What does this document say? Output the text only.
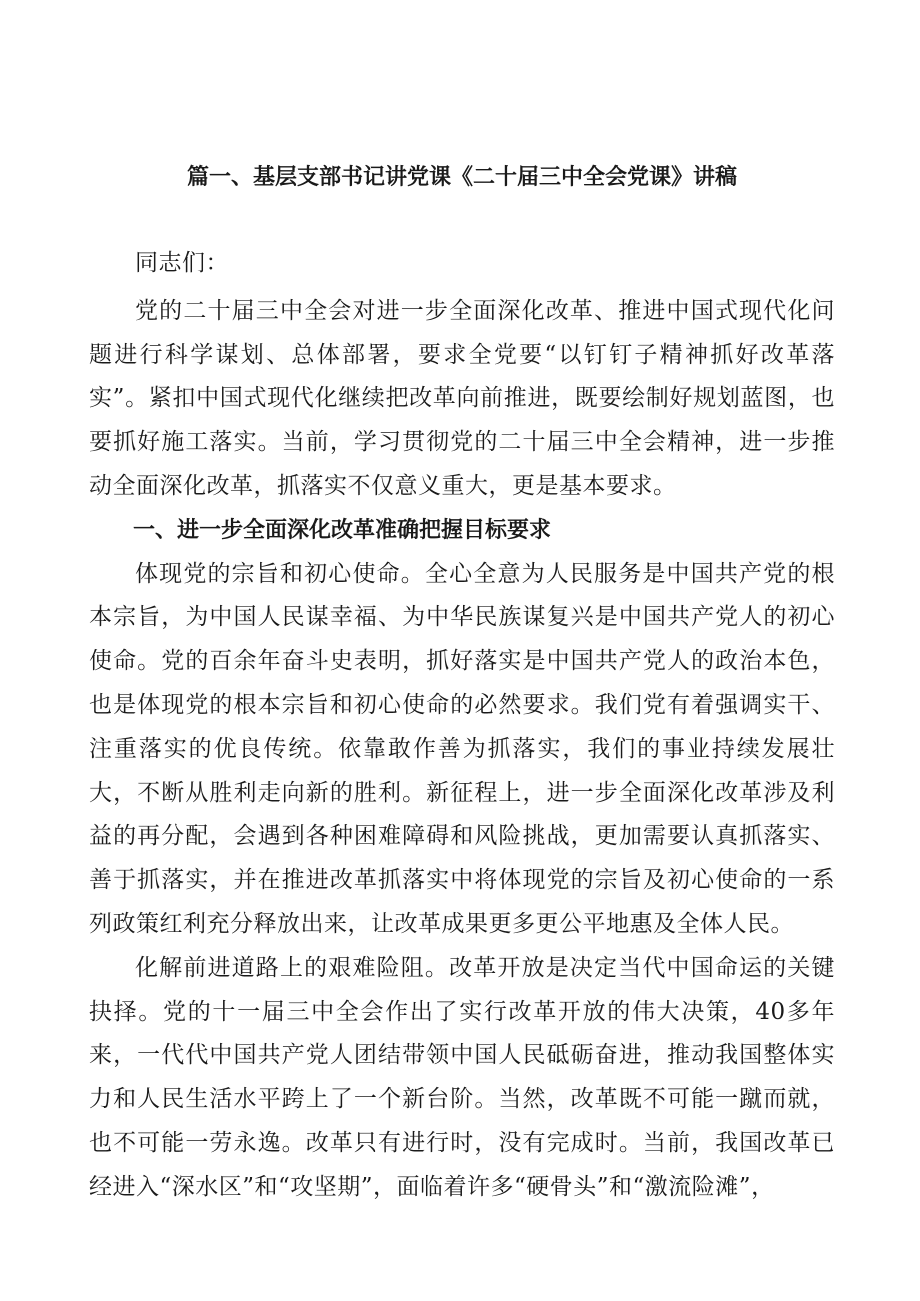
篇一、基层支部书记讲党课《二十届三中全会党课》讲稿

同志们：

党的二十届三中全会对进一步全面深化改革、推进中国式现代化问题进行科学谋划、总体部署，要求全党要“以钉钉子精神抓好改革落实”。紧扣中国式现代化继续把改革向前推进，既要绘制好规划蓝图，也要抓好施工落实。当前，学习贯彻党的二十届三中全会精神，进一步推动全面深化改革，抓落实不仅意义重大，更是基本要求。

一、进一步全面深化改革准确把握目标要求

体现党的宗旨和初心使命。全心全意为人民服务是中国共产党的根本宗旨，为中国人民谋幸福、为中华民族谋复兴是中国共产党人的初心使命。党的百余年奋斗史表明，抓好落实是中国共产党人的政治本色，也是体现党的根本宗旨和初心使命的必然要求。我们党有着强调实干、注重落实的优良传统。依靠敢作善为抓落实，我们的事业持续发展壮大，不断从胜利走向新的胜利。新征程上，进一步全面深化改革涉及利益的再分配，会遇到各种困难障碍和风险挑战，更加需要认真抓落实、善于抓落实，并在推进改革抓落实中将体现党的宗旨及初心使命的一系列政策红利充分释放出来，让改革成果更多更公平地惠及全体人民。

化解前进道路上的艰难险阻。改革开放是决定当代中国命运的关键抉择。党的十一届三中全会作出了实行改革开放的伟大决策，40多年来，一代代中国共产党人团结带领中国人民砥砺奋进，推动我国整体实力和人民生活水平跨上了一个新台阶。当然，改革既不可能一蹴而就，也不可能一劳永逸。改革只有进行时，没有完成时。当前，我国改革已经进入“深水区”和“攻坚期”，面临着许多“硬骨头”和“激流险滩”，
